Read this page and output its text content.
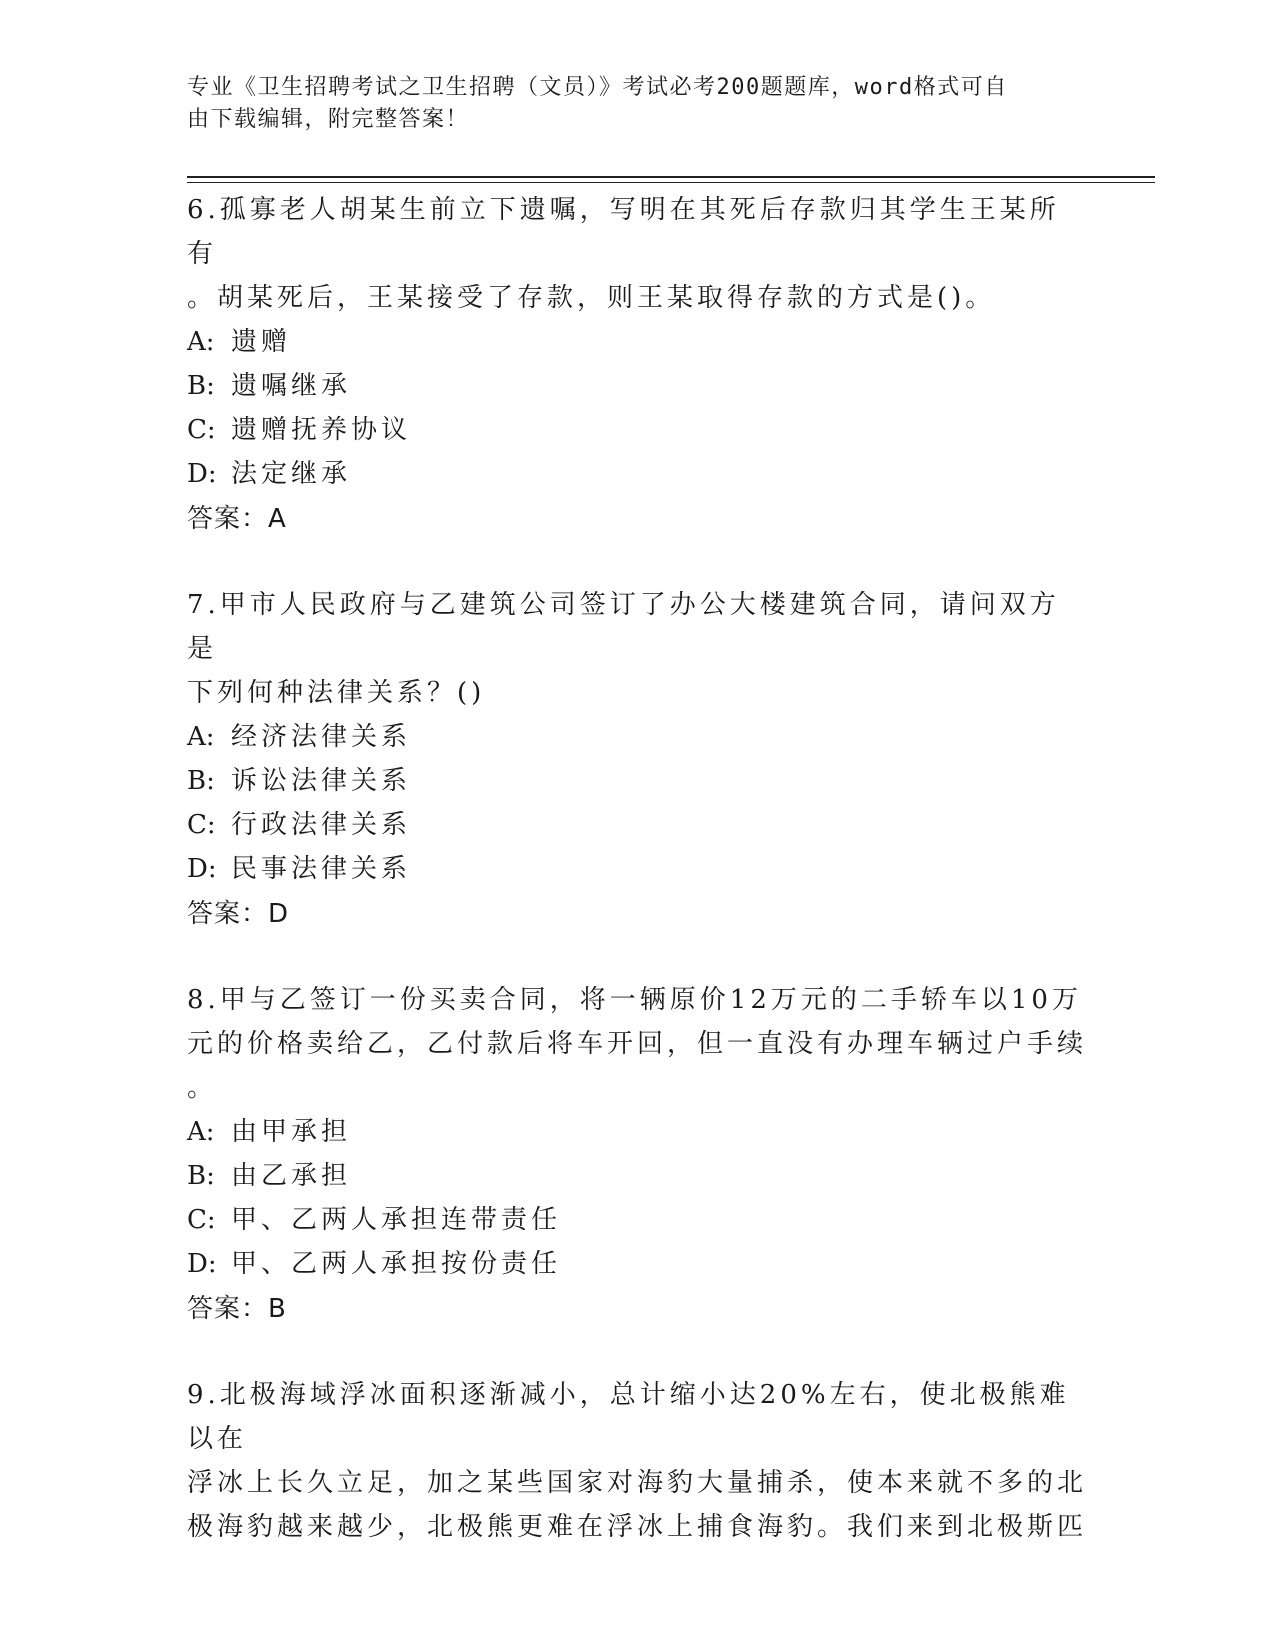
专业《卫生招聘考试之卫生招聘（文员）》考试必考200题题库，word格式可自
由下载编辑，附完整答案！

6.孤寡老人胡某生前立下遗嘱，写明在其死后存款归其学生王某所有
。胡某死后，王某接受了存款，则王某取得存款的方式是()。

A: 遗赠

B: 遗嘱继承

C: 遗赠抚养协议

D: 法定继承

答案：A

7.甲市人民政府与乙建筑公司签订了办公大楼建筑合同，请问双方是
下列何种法律关系？()

A: 经济法律关系

B: 诉讼法律关系

C: 行政法律关系

D: 民事法律关系

答案：D

8.甲与乙签订一份买卖合同，将一辆原价12万元的二手轿车以10万
元的价格卖给乙，乙付款后将车开回，但一直没有办理车辆过户手续
。

A: 由甲承担

B: 由乙承担

C: 甲、乙两人承担连带责任

D: 甲、乙两人承担按份责任

答案：B

9.北极海域浮冰面积逐渐减小，总计缩小达20%左右，使北极熊难以在
浮冰上长久立足，加之某些国家对海豹大量捕杀，使本来就不多的北
极海豹越来越少，北极熊更难在浮冰上捕食海豹。我们来到北极斯匹
